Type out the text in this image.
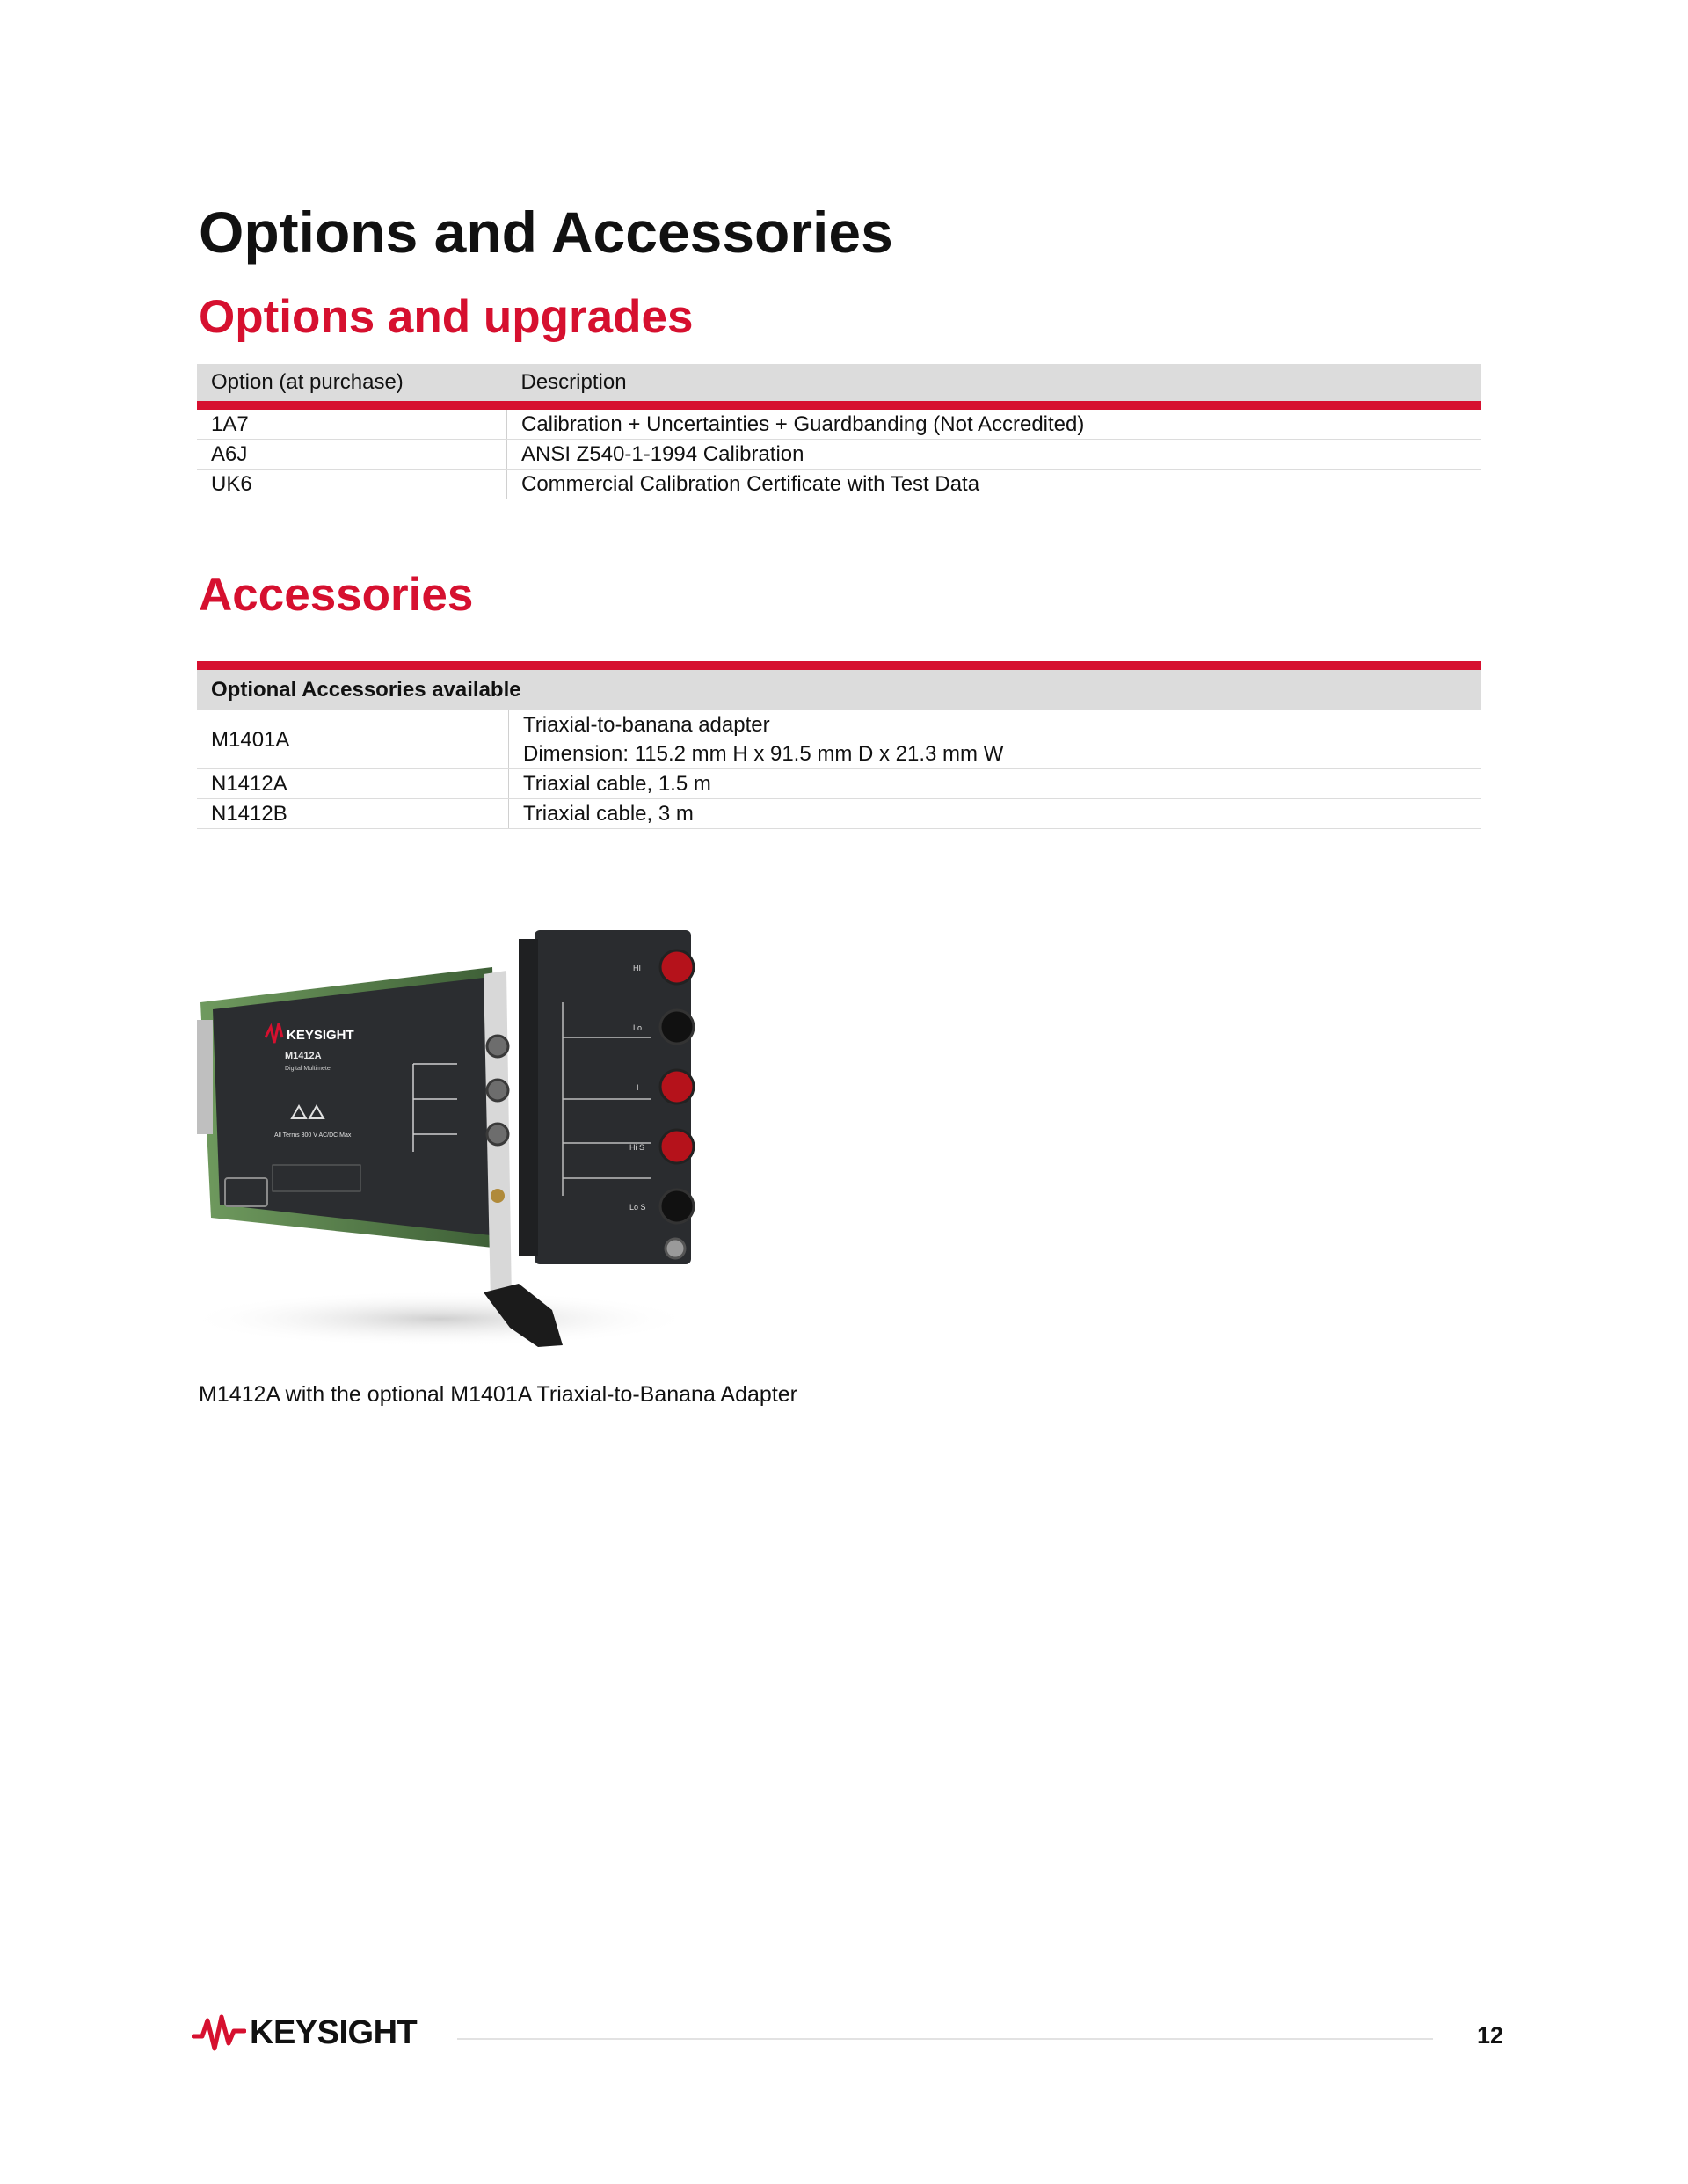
Options and Accessories
Options and upgrades
Option (at purchase)	Description
1A7	Calibration + Uncertainties + Guardbanding (Not Accredited)
A6J	ANSI Z540-1-1994 Calibration
UK6	Commercial Calibration Certificate with Test Data
Accessories
Optional Accessories available	
M1401A	Triaxial-to-banana adapter
Dimension: 115.2 mm H x 91.5 mm D x 21.3 mm W

N1412A	Triaxial cable, 1.5 m
N1412B	Triaxial cable, 3 m
KEYSIGHT
M1412A
Digital Multimeter
All Terms 300 V AC/DC Max
HI
Lo
I
Hi S
Lo S

M1412A with the optional M1401A Triaxial-to-Banana Adapter

KEYSIGHT	12
